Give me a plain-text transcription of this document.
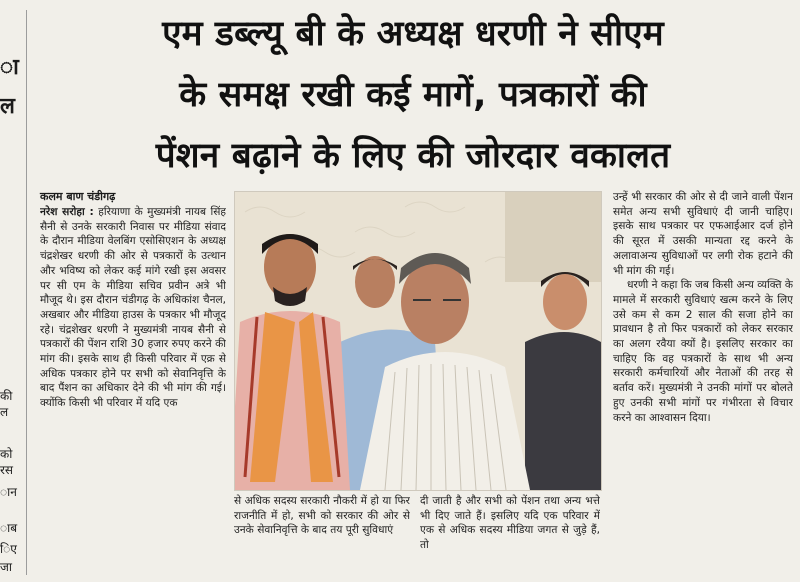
ा
ल
की
ल
को
रस
ान
ाब
िए
जा
एम डब्ल्यू बी के अध्यक्ष धरणी ने सीएम
के समक्ष रखी कई मागें, पत्रकारों की
पेंशन बढ़ाने के लिए की जोरदार वकालत
कलम बाण चंडीगढ़

नरेश सरोहा : हरियाणा के मुख्यमंत्री नायब सिंह सैनी से उनके सरकारी निवास पर मीडिया संवाद के दौरान मीडिया वेलबिंग एसोसिएशन के अध्यक्ष चंद्रशेखर धरणी की ओर से पत्रकारों के उत्थान और भविष्य को लेकर कई मांगे रखी इस अवसर पर सी एम के मीडिया सचिव प्रवीन अत्रे भी मौजूद थे। इस दौरान चंडीगढ़ के अधिकांश चैनल, अखबार और मीडिया हाउस के पत्रकार भी मौजूद रहे। चंद्रशेखर धरणी ने मुख्यमंत्री नायब सैनी से पत्रकारों की पेंशन राशि 30 हजार रुपए करने की मांग की। इसके साथ ही किसी परिवार में एक्र से अधिक पत्रकार होने पर सभी को सेवानिवृत्ति के बाद पैंशन का अधिकार देने की भी मांग की गई। क्योंकि किसी भी परिवार में यदि एक

से अधिक सदस्य सरकारी नौकरी में हो या फिर राजनीति में हो, सभी को सरकार की ओर से उनके सेवानिवृत्ति के बाद तय पूरी सुविधाएं

दी जाती है और सभी को पेंशन तथा अन्य भत्ते भी दिए जाते हैं। इसलिए यदि एक परिवार में एक से अधिक सदस्य मीडिया जगत से जुड़े हैं, तो

उन्हें भी सरकार की ओर से दी जाने वाली पेंशन समेत अन्य सभी सुविधाएं दी जानी चाहिए। इसके साथ पत्रकार पर एफआईआर दर्ज होने की सूरत में उसकी मान्यता रद्द करने के अलावाअन्य सुविधाओं पर लगी रोक हटाने की भी मांग की गई।

धरणी ने कहा कि जब किसी अन्य व्यक्ति के मामले में सरकारी सुविधाएं खत्म करने के लिए उसे कम से कम 2 साल की सजा होने का प्रावधान है तो फिर पत्रकारों को लेकर सरकार का अलग रवैया क्यों है। इसलिए सरकार का चाहिए कि वह पत्रकारों के साथ भी अन्य सरकारी कर्मचारियों और नेताओं की तरह से बर्ताव करें। मुख्यमंत्री ने उनकी मांगों पर बोलते हुए उनकी सभी मांगों पर गंभीरता से विचार करने का आश्वासन दिया।
